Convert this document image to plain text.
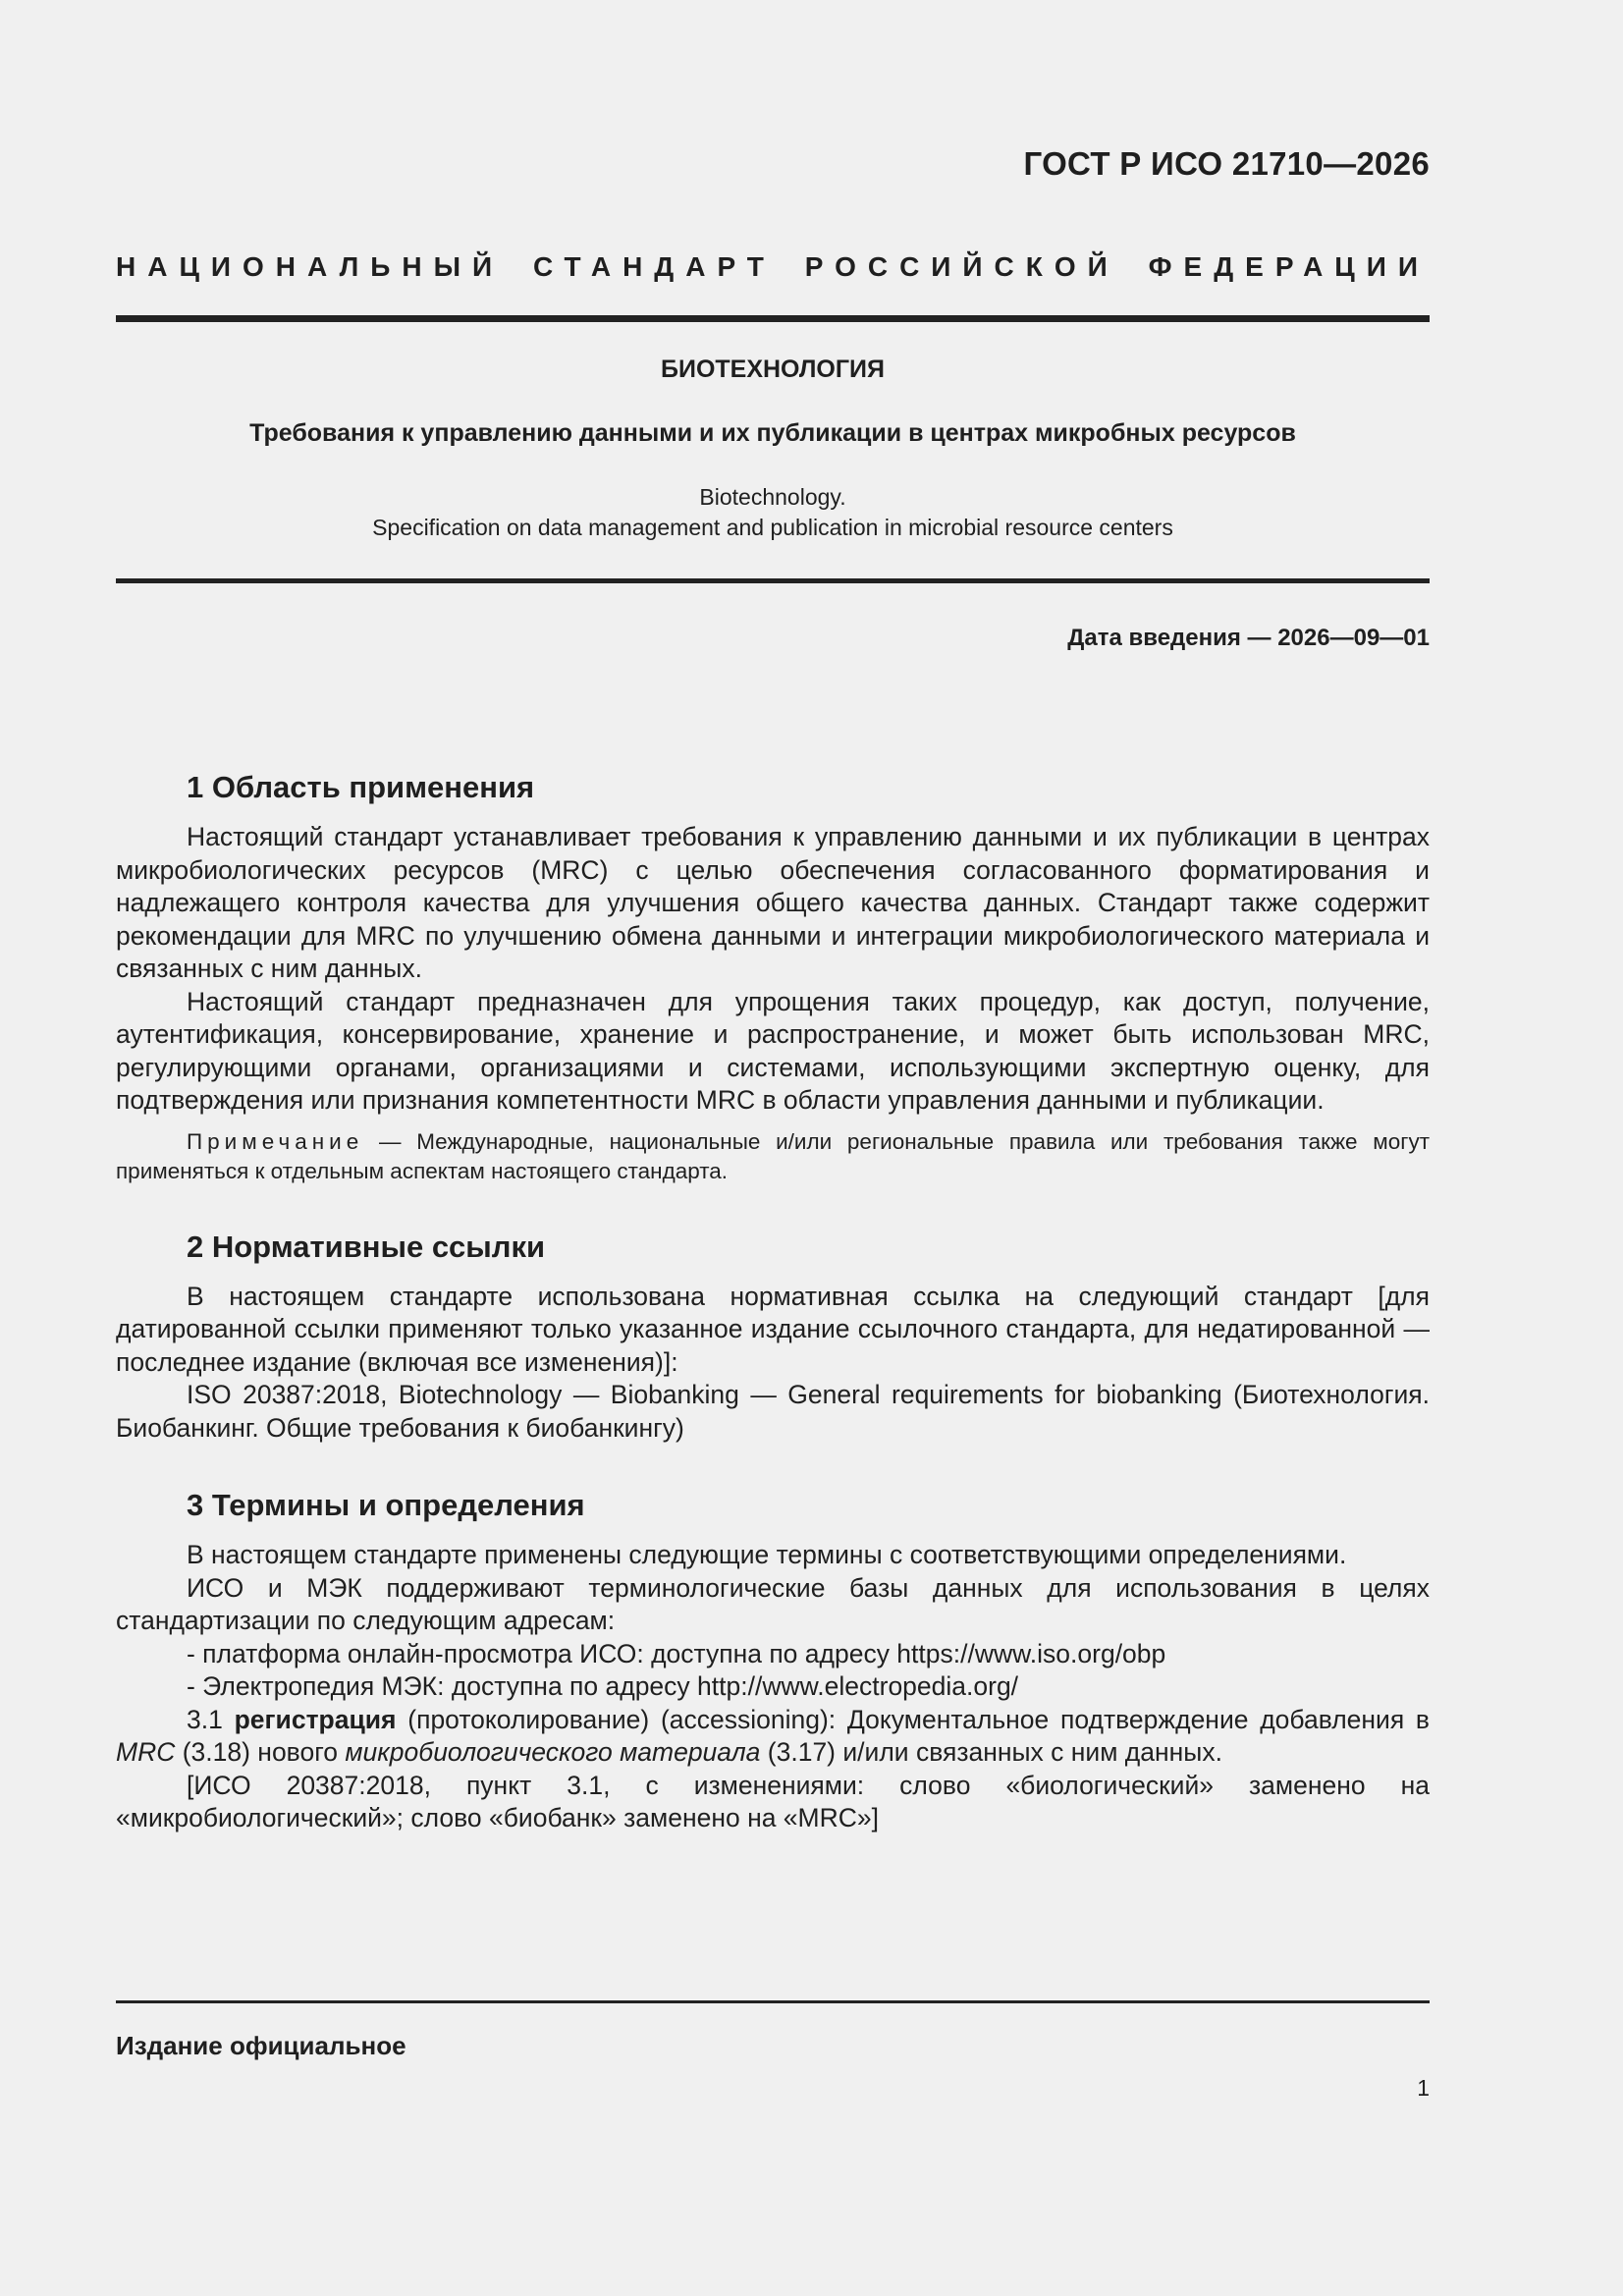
ГОСТ Р ИСО 21710—2026
НАЦИОНАЛЬНЫЙ СТАНДАРТ РОССИЙСКОЙ ФЕДЕРАЦИИ
БИОТЕХНОЛОГИЯ
Требования к управлению данными и их публикации в центрах микробных ресурсов
Biotechnology.
Specification on data management and publication in microbial resource centers
Дата введения — 2026—09—01
1 Область применения

Настоящий стандарт устанавливает требования к управлению данными и их публикации в центрах микробиологических ресурсов (MRC) с целью обеспечения согласованного форматирования и надлежащего контроля качества для улучшения общего качества данных. Стандарт также содержит рекомендации для MRC по улучшению обмена данными и интеграции микробиологического материала и связанных с ним данных.

Настоящий стандарт предназначен для упрощения таких процедур, как доступ, получение, аутентификация, консервирование, хранение и распространение, и может быть использован MRC, регулирующими органами, организациями и системами, использующими экспертную оценку, для подтверждения или признания компетентности MRC в области управления данными и публикации.

Примечание — Международные, национальные и/или региональные правила или требования также могут применяться к отдельным аспектам настоящего стандарта.

2 Нормативные ссылки

В настоящем стандарте использована нормативная ссылка на следующий стандарт [для датированной ссылки применяют только указанное издание ссылочного стандарта, для недатированной — последнее издание (включая все изменения)]:

ISO 20387:2018, Biotechnology — Biobanking — General requirements for biobanking (Биотехнология. Биобанкинг. Общие требования к биобанкингу)

3 Термины и определения

В настоящем стандарте применены следующие термины с соответствующими определениями.

ИСО и МЭК поддерживают терминологические базы данных для использования в целях стандартизации по следующим адресам:

- платформа онлайн-просмотра ИСО: доступна по адресу https://www.iso.org/obp

- Электропедия МЭК: доступна по адресу http://www.electropedia.org/

3.1 регистрация (протоколирование) (accessioning): Документальное подтверждение добавления в MRC (3.18) нового микробиологического материала (3.17) и/или связанных с ним данных.

[ИСО 20387:2018, пункт 3.1, с изменениями: слово «биологический» заменено на «микробиологический»; слово «биобанк» заменено на «MRC»]

Издание официальное
1
